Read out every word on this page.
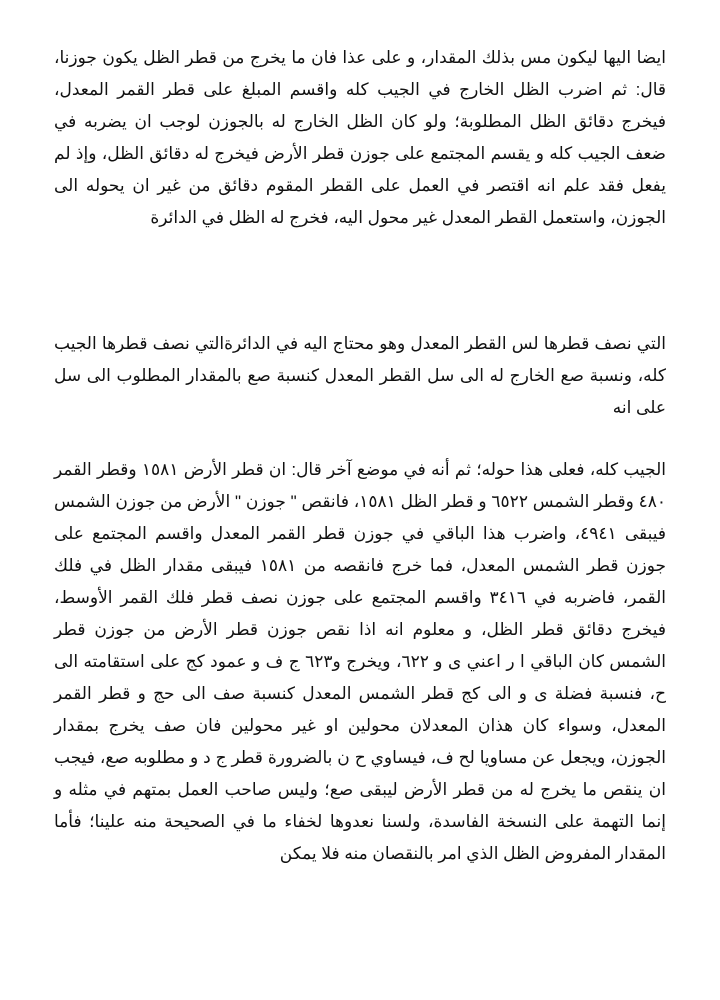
ايضا اليها ليكون مس بذلك المقدار، و على عذا فان ما يخرج من قطر الظل يكون جوزنا، قال: ثم اضرب الظل الخارج في الجيب كله واقسم المبلغ على قطر القمر المعدل، فيخرج دقائق الظل المطلوبة؛ ولو كان الظل الخارج له بالجوزن لوجب ان يضربه في ضعف الجيب كله و يقسم المجتمع على جوزن قطر الأرض فيخرج له دقائق الظل، وإذ لم يفعل فقد علم انه اقتصر في العمل على القطر المقوم دقائق من غير ان يحوله الى الجوزن، واستعمل القطر المعدل غير محول اليه، فخرج له الظل في الدائرة

التي نصف قطرها لس القطر المعدل وهو محتاج اليه في الدائرةالتي نصف قطرها الجيب كله، ونسبة صع الخارج له الى سل القطر المعدل كنسبة صع بالمقدار المطلوب الى سل على انه

الجيب كله، فعلى هذا حوله؛ ثم أنه في موضع آخر قال: ان قطر الأرض ١٥٨١ وقطر القمر ٤٨٠ وقطر الشمس ٦٥٢٢ و قطر الظل ١٥٨١، فانقص " جوزن " الأرض من جوزن الشمس فيبقى ٤٩٤١، واضرب هذا الباقي في جوزن قطر القمر المعدل واقسم المجتمع على جوزن قطر الشمس المعدل، فما خرج فانقصه من ١٥٨١ فيبقى مقدار الظل في فلك القمر، فاضربه في ٣٤١٦ واقسم المجتمع على جوزن نصف قطر فلك القمر الأوسط، فيخرج دقائق قطر الظل، و معلوم انه اذا نقص جوزن قطر الأرض من جوزن قطر الشمس كان الباقي ا ر اعني ى و ٦٢٢، ويخرج و٦٢٣ ج ف و عمود كج على استقامته الى ح، فنسبة فضلة ى و الى كج قطر الشمس المعدل كنسبة صف الى حج و قطر القمر المعدل، وسواء كان هذان المعدلان محولين او غير محولين فان صف يخرج بمقدار الجوزن، ويجعل عن مساويا لح ف، فيساوي ح ن بالضرورة قطر ج د و مطلوبه صع، فيجب ان ينقص ما يخرج له من قطر الأرض ليبقى صع؛ وليس صاحب العمل بمتهم في مثله و إنما التهمة على النسخة الفاسدة، ولسنا نعدوها لخفاء ما في الصحيحة منه علينا؛ فأما المقدار المفروض الظل الذي امر بالنقصان منه فلا يمكن
